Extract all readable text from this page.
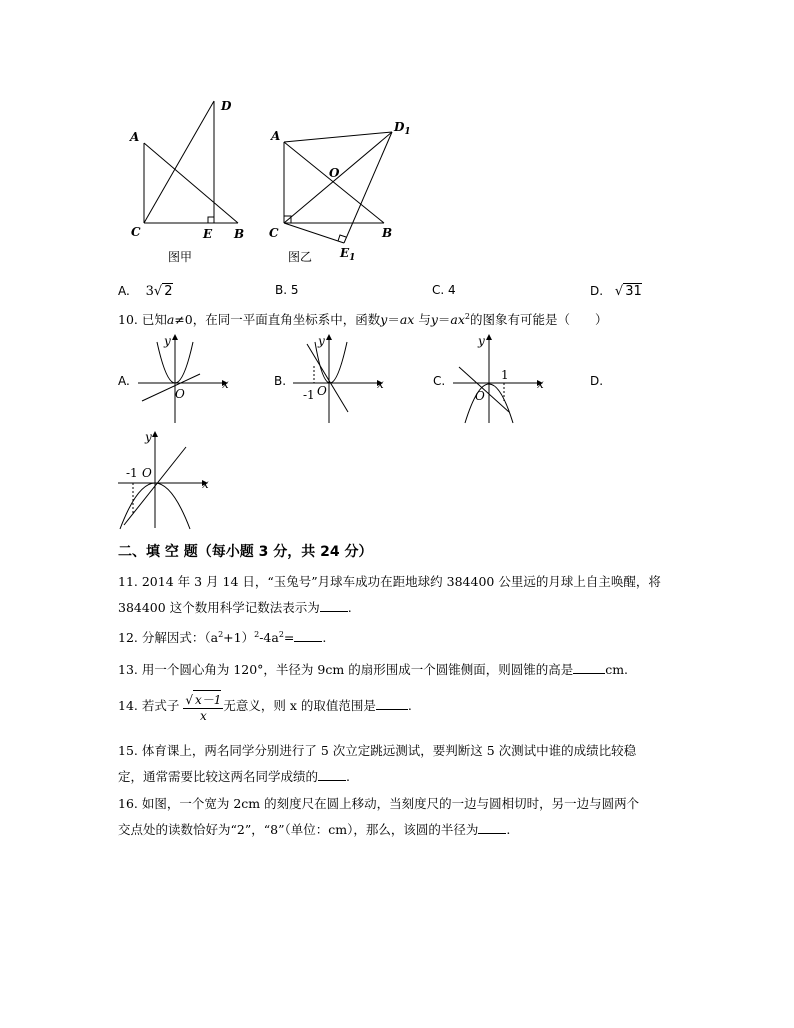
A
D
C	E B
图甲
A
$D_1$
O
C	B
$E_1$
图乙
A. 3√ 2	B. 5	C. 4	D. √ 31
10. 已知a≠0，在同一平面直角坐标系中，函数y＝ax 与$y=ax^2$的图象有可能是（　　）
A.
y
x
O
B.
y
x
O
-1
C.
y
x
O
1	D.
y
x
O
-1
二、填 空 题（每小题 3 分，共 24 分）
11. 2014 年 3 月 14 日，“玉兔号”月球车成功在距地球约 384400 公里远的月球上自主唤醒，将
384400 这个数用科学记数法表示为 .
12. 分解因式：$(a^2+1)^2-4a^2=$ .
13. 用一个圆心角为 120°，半径为 9cm 的扇形围成一个圆锥侧面，则圆锥的高是	cm.
14. 若式子 $\frac{√ x-1}{x}$ 无意义，则 x 的取值范围是	.
15. 体育课上，两名同学分别进行了 5 次立定跳远测试，要判断这 5 次测试中谁的成绩比较稳
定，通常需要比较这两名同学成绩的 .
16. 如图，一个宽为 2cm 的刻度尺在圆上移动，当刻度尺的一边与圆相切时，另一边与圆两个
交点处的读数恰好为“2”，“8”（单位：cm），那么，该圆的半径为 .
